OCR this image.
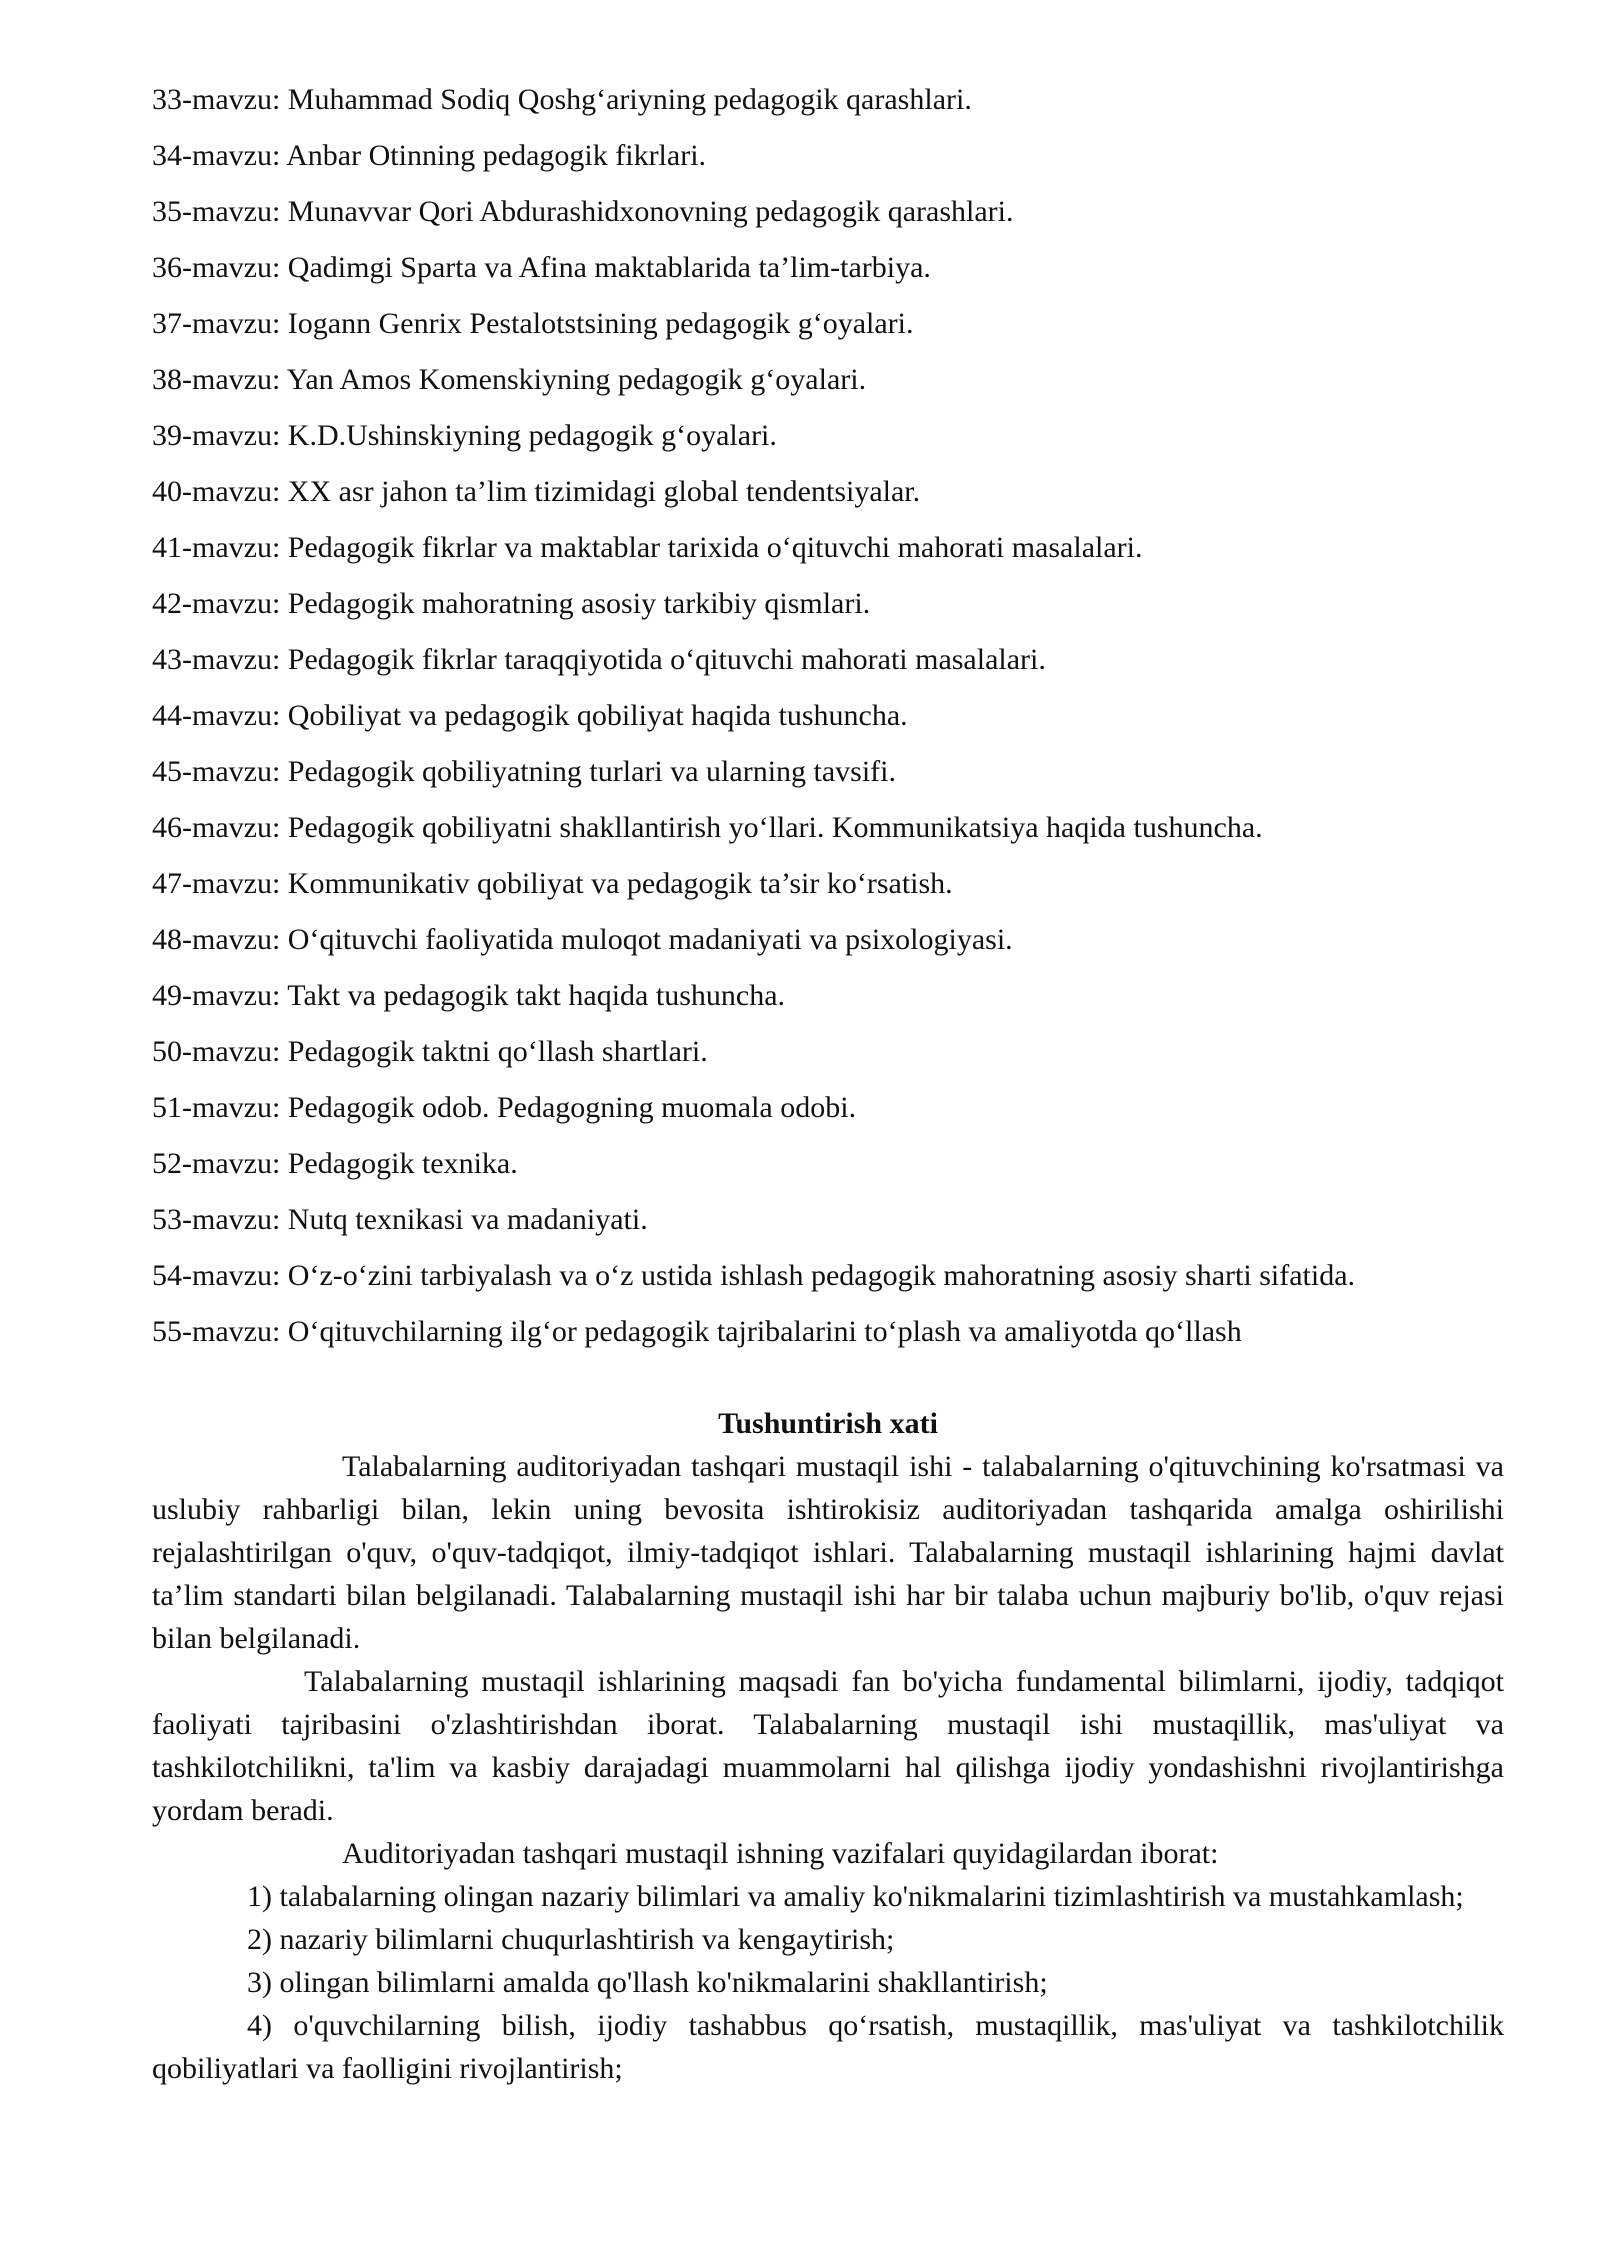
33-mavzu: Muhammad Sodiq Qoshg‘ariyning pedagogik qarashlari.
34-mavzu: Anbar Otinning pedagogik fikrlari.
35-mavzu: Munavvar Qori Abdurashidxonovning pedagogik qarashlari.
36-mavzu: Qadimgi Sparta va Afina maktablarida ta’lim-tarbiya.
37-mavzu: Iogann Genrix Pestalotstsining pedagogik g‘oyalari.
38-mavzu: Yan Amos Komenskiyning pedagogik g‘oyalari.
39-mavzu: K.D.Ushinskiyning pedagogik g‘oyalari.
40-mavzu: XX asr jahon ta’lim tizimidagi global tendentsiyalar.
41-mavzu: Pedagogik fikrlar va maktablar tarixida o‘qituvchi mahorati masalalari.
42-mavzu: Pedagogik mahoratning asosiy tarkibiy qismlari.
43-mavzu: Pedagogik fikrlar taraqqiyotida o‘qituvchi mahorati masalalari.
44-mavzu: Qobiliyat va pedagogik qobiliyat haqida tushuncha.
45-mavzu: Pedagogik qobiliyatning turlari va ularning tavsifi.
46-mavzu: Pedagogik qobiliyatni shakllantirish yo‘llari. Kommunikatsiya haqida tushuncha.
47-mavzu: Kommunikativ qobiliyat va pedagogik ta’sir ko‘rsatish.
48-mavzu: O‘qituvchi faoliyatida muloqot madaniyati va psixologiyasi.
49-mavzu: Takt va pedagogik takt haqida tushuncha.
50-mavzu: Pedagogik taktni qo‘llash shartlari.
51-mavzu: Pedagogik odob. Pedagogning muomala odobi.
52-mavzu: Pedagogik texnika.
53-mavzu: Nutq texnikasi va madaniyati.
54-mavzu: O‘z-o‘zini tarbiyalash va o‘z ustida ishlash pedagogik mahoratning asosiy sharti sifatida.
55-mavzu: O‘qituvchilarning ilg‘or pedagogik tajribalarini to‘plash va amaliyotda qo‘llash
Tushuntirish xati

Talabalarning auditoriyadan tashqari mustaqil ishi - talabalarning o'qituvchining ko'rsatmasi va uslubiy rahbarligi bilan, lekin uning bevosita ishtirokisiz auditoriyadan tashqarida amalga oshirilishi rejalashtirilgan o'quv, o'quv-tadqiqot, ilmiy-tadqiqot ishlari. Talabalarning mustaqil ishlarining hajmi davlat ta’lim standarti bilan belgilanadi. Talabalarning mustaqil ishi har bir talaba uchun majburiy bo'lib, o'quv rejasi bilan belgilanadi.

Talabalarning mustaqil ishlarining maqsadi fan bo'yicha fundamental bilimlarni, ijodiy, tadqiqot faoliyati tajribasini o'zlashtirishdan iborat. Talabalarning mustaqil ishi mustaqillik, mas'uliyat va tashkilotchilikni, ta'lim va kasbiy darajadagi muammolarni hal qilishga ijodiy yondashishni rivojlantirishga yordam beradi.

Auditoriyadan tashqari mustaqil ishning vazifalari quyidagilardan iborat:

1) talabalarning olingan nazariy bilimlari va amaliy ko'nikmalarini tizimlashtirish va mustahkamlash;

2) nazariy bilimlarni chuqurlashtirish va kengaytirish;

3) olingan bilimlarni amalda qo'llash ko'nikmalarini shakllantirish;

4) o'quvchilarning bilish, ijodiy tashabbus qo‘rsatish, mustaqillik, mas'uliyat va tashkilotchilik qobiliyatlari va faolligini rivojlantirish;
